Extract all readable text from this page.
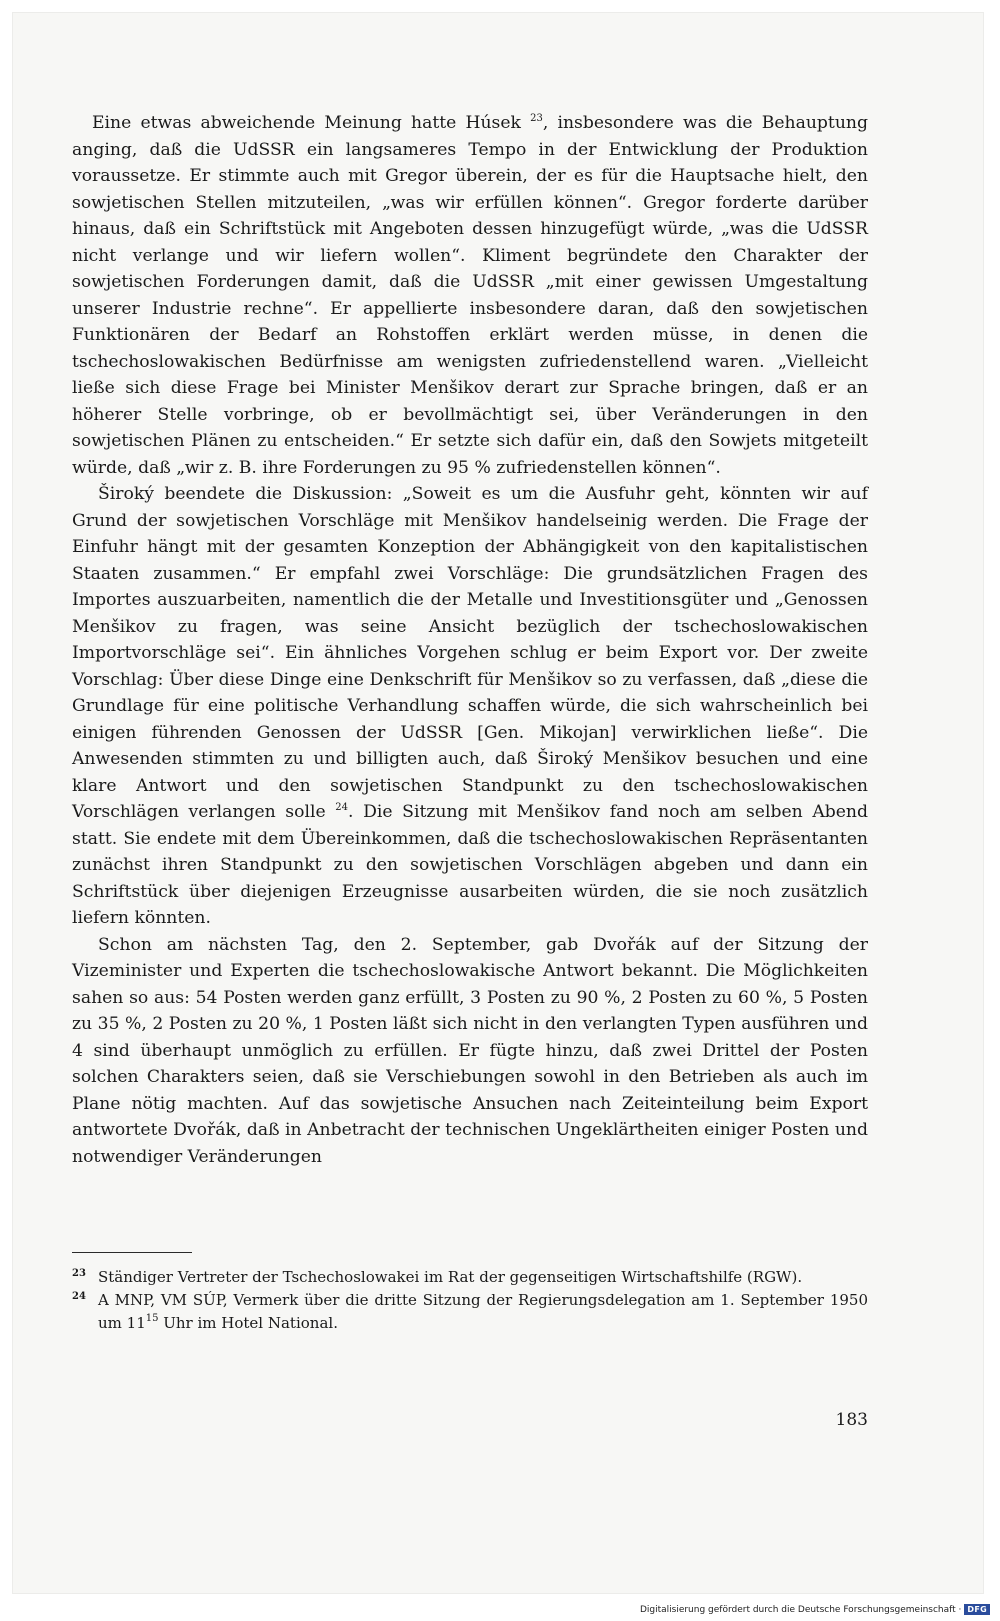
Eine etwas abweichende Meinung hatte Húsek $^{23}$, insbesondere was die Behauptung anging, daß die UdSSR ein langsameres Tempo in der Entwicklung der Produktion voraussetze. Er stimmte auch mit Gregor überein, der es für die Hauptsache hielt, den sowjetischen Stellen mitzuteilen, „was wir erfüllen können“. Gregor forderte darüber hinaus, daß ein Schriftstück mit Angeboten dessen hinzugefügt würde, „was die UdSSR nicht verlange und wir liefern wollen“. Kliment begründete den Charakter der sowjetischen Forderungen damit, daß die UdSSR „mit einer gewissen Umgestaltung unserer Industrie rechne“. Er appellierte insbesondere daran, daß den sowjetischen Funktionären der Bedarf an Rohstoffen erklärt werden müsse, in denen die tschechoslowakischen Bedürfnisse am wenigsten zufriedenstellend waren. „Vielleicht ließe sich diese Frage bei Minister Menšikov derart zur Sprache bringen, daß er an höherer Stelle vorbringe, ob er bevollmächtigt sei, über Veränderungen in den sowjetischen Plänen zu entscheiden.“ Er setzte sich dafür ein, daß den Sowjets mitgeteilt würde, daß „wir z. B. ihre Forderungen zu 95 % zufriedenstellen können“.

Široký beendete die Diskussion: „Soweit es um die Ausfuhr geht, könnten wir auf Grund der sowjetischen Vorschläge mit Menšikov handelseinig werden. Die Frage der Einfuhr hängt mit der gesamten Konzeption der Abhängigkeit von den kapitalistischen Staaten zusammen.“ Er empfahl zwei Vorschläge: Die grundsätzlichen Fragen des Importes auszuarbeiten, namentlich die der Metalle und Investitionsgüter und „Genossen Menšikov zu fragen, was seine Ansicht bezüglich der tschechoslowakischen Importvorschläge sei“. Ein ähnliches Vorgehen schlug er beim Export vor. Der zweite Vorschlag: Über diese Dinge eine Denkschrift für Menšikov so zu verfassen, daß „diese die Grundlage für eine politische Verhandlung schaffen würde, die sich wahrscheinlich bei einigen führenden Genossen der UdSSR [Gen. Mikojan] verwirklichen ließe“. Die Anwesenden stimmten zu und billigten auch, daß Široký Menšikov besuchen und eine klare Antwort und den sowjetischen Standpunkt zu den tschechoslowakischen Vorschlägen verlangen solle $^{24}$. Die Sitzung mit Menšikov fand noch am selben Abend statt. Sie endete mit dem Übereinkommen, daß die tschechoslowakischen Repräsentanten zunächst ihren Standpunkt zu den sowjetischen Vorschlägen abgeben und dann ein Schriftstück über diejenigen Erzeugnisse ausarbeiten würden, die sie noch zusätzlich liefern könnten.

Schon am nächsten Tag, den 2. September, gab Dvořák auf der Sitzung der Vizeminister und Experten die tschechoslowakische Antwort bekannt. Die Möglichkeiten sahen so aus: 54 Posten werden ganz erfüllt, 3 Posten zu 90 %, 2 Posten zu 60 %, 5 Posten zu 35 %, 2 Posten zu 20 %, 1 Posten läßt sich nicht in den verlangten Typen ausführen und 4 sind überhaupt unmöglich zu erfüllen. Er fügte hinzu, daß zwei Drittel der Posten solchen Charakters seien, daß sie Verschiebungen sowohl in den Betrieben als auch im Plane nötig machten. Auf das sowjetische Ansuchen nach Zeiteinteilung beim Export antwortete Dvořák, daß in Anbetracht der technischen Ungeklärtheiten einiger Posten und notwendiger Veränderungen

23 Ständiger Vertreter der Tschechoslowakei im Rat der gegenseitigen Wirtschaftshilfe (RGW).
24 A MNP, VM SÚP, Vermerk über die dritte Sitzung der Regierungsdelegation am 1. September 1950 um $11^{15}$ Uhr im Hotel National.
183
Digitalisierung gefördert durch die Deutsche Forschungsgemeinschaft · DFG
